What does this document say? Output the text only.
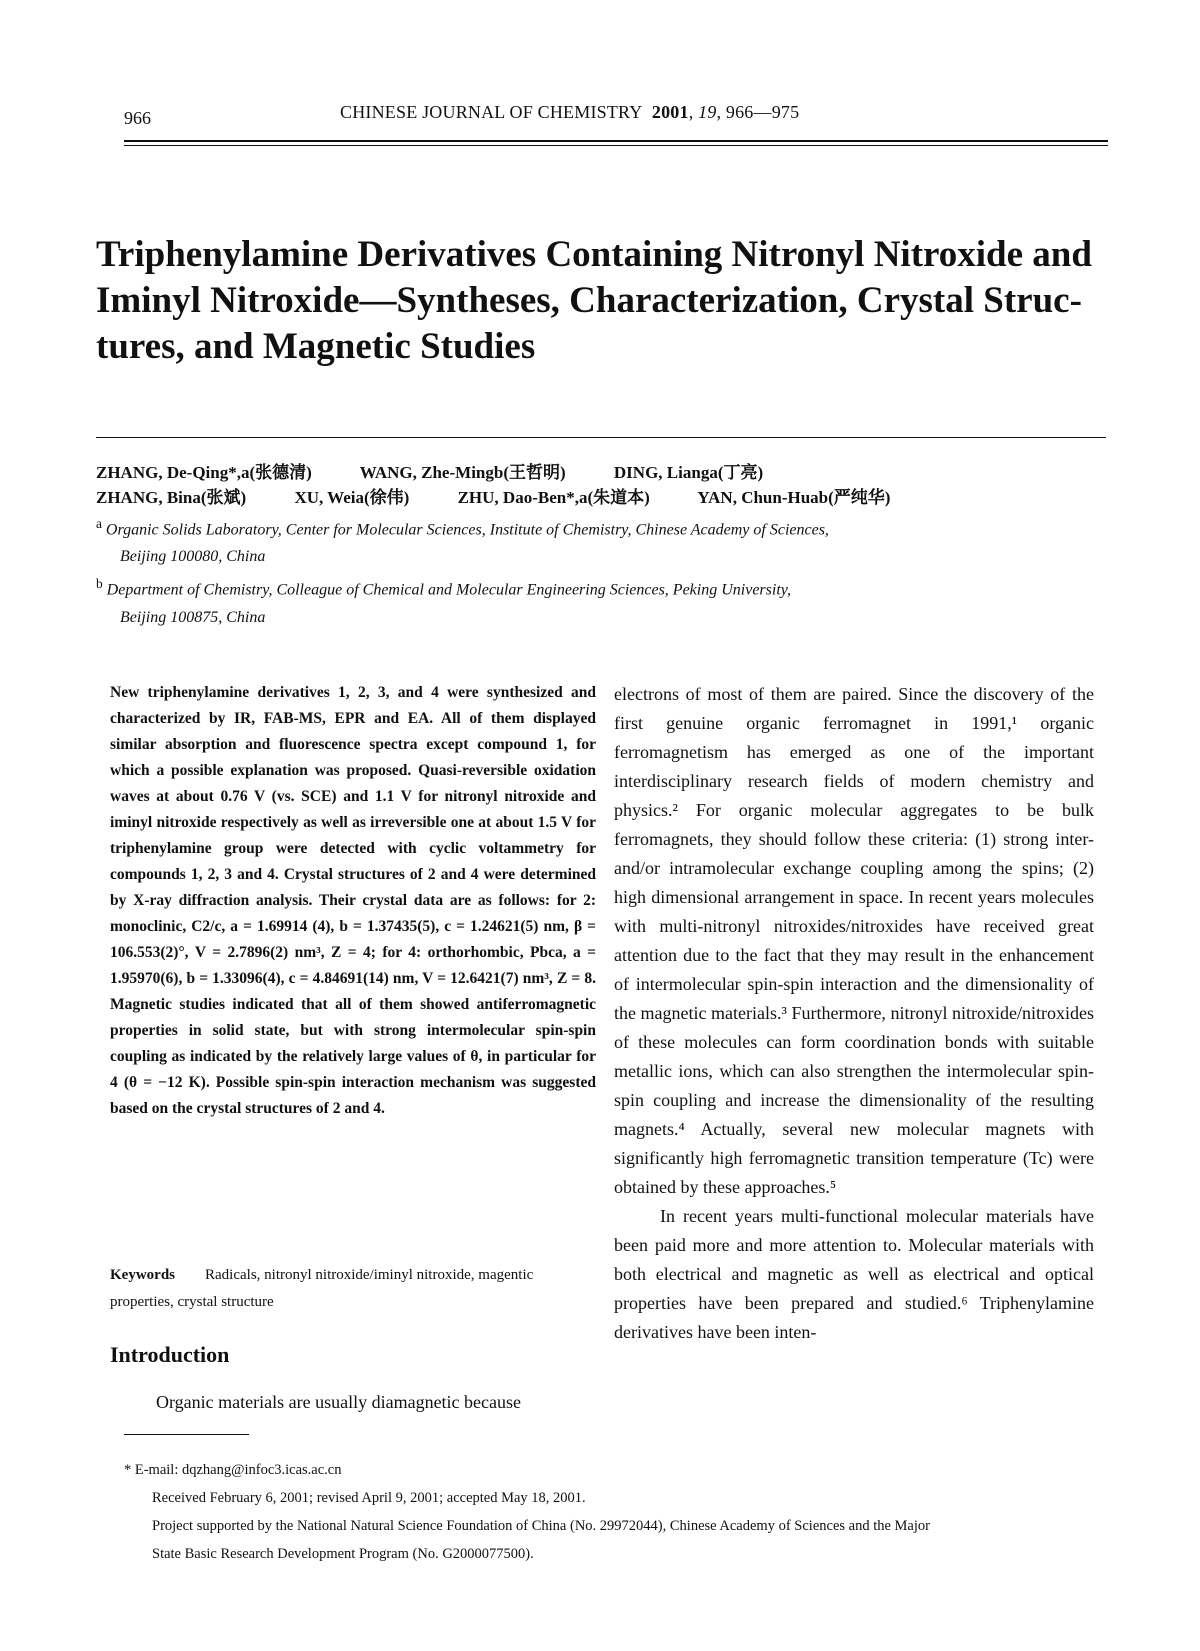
966	CHINESE JOURNAL OF CHEMISTRY 2001, 19, 966—975
Triphenylamine Derivatives Containing Nitronyl Nitroxide and
Iminyl Nitroxide—Syntheses, Characterization, Crystal Struc-
tures, and Magnetic Studies
ZHANG, De-Qing*,a(张德清)	WANG, Zhe-Mingb(王哲明)	DING, Lianga(丁亮)
ZHANG, Bina(张斌)	XU, Weia(徐伟)	ZHU, Dao-Ben*,a(朱道本)	YAN, Chun-Huab(严纯华)
$^a$ Organic Solids Laboratory, Center for Molecular Sciences, Institute of Chemistry, Chinese Academy of Sciences,
Beijing 100080, China
$^b$ Department of Chemistry, Colleague of Chemical and Molecular Engineering Sciences, Peking University,
Beijing 100875, China
New triphenylamine derivatives 1, 2, 3, and 4 were synthesized and characterized by IR, FAB-MS, EPR and EA. All of them displayed similar absorption and fluorescence spectra except compound 1, for which a possible explanation was proposed. Quasi-reversible oxidation waves at about 0.76 V (vs. SCE) and 1.1 V for nitronyl nitroxide and iminyl nitroxide respectively as well as irreversible one at about 1.5 V for triphenylamine group were detected with cyclic voltammetry for compounds 1, 2, 3 and 4. Crystal structures of 2 and 4 were determined by X-ray diffraction analysis. Their crystal data are as follows: for 2: monoclinic, C2/c, a = 1.69914 (4), b = 1.37435(5), c = 1.24621(5) nm, β = 106.553(2)°, V = 2.7896(2) nm³, Z = 4; for 4: orthorhombic, Pbca, a = 1.95970(6), b = 1.33096(4), c = 4.84691(14) nm, V = 12.6421(7) nm³, Z = 8. Magnetic studies indicated that all of them showed antiferromagnetic properties in solid state, but with strong intermolecular spin-spin coupling as indicated by the relatively large values of θ, in particular for 4 (θ = −12 K). Possible spin-spin interaction mechanism was suggested based on the crystal structures of 2 and 4.
Keywords Radicals, nitronyl nitroxide/iminyl nitroxide, magentic properties, crystal structure
Introduction
Organic materials are usually diamagnetic because

electrons of most of them are paired. Since the discovery of the first genuine organic ferromagnet in 1991,¹ organic ferromagnetism has emerged as one of the important interdisciplinary research fields of modern chemistry and physics.² For organic molecular aggregates to be bulk ferromagnets, they should follow these criteria: (1) strong inter- and/or intramolecular exchange coupling among the spins; (2) high dimensional arrangement in space. In recent years molecules with multi-nitronyl nitroxides/nitroxides have received great attention due to the fact that they may result in the enhancement of intermolecular spin-spin interaction and the dimensionality of the magnetic materials.³ Furthermore, nitronyl nitroxide/nitroxides of these molecules can form coordination bonds with suitable metallic ions, which can also strengthen the intermolecular spin-spin coupling and increase the dimensionality of the resulting magnets.⁴ Actually, several new molecular magnets with significantly high ferromagnetic transition temperature (Tc) were obtained by these approaches.⁵

In recent years multi-functional molecular materials have been paid more and more attention to. Molecular materials with both electrical and magnetic as well as electrical and optical properties have been prepared and studied.⁶ Triphenylamine derivatives have been inten-

* E-mail: dqzhang@infoc3.icas.ac.cn
Received February 6, 2001; revised April 9, 2001; accepted May 18, 2001.
Project supported by the National Natural Science Foundation of China (No. 29972044), Chinese Academy of Sciences and the Major
State Basic Research Development Program (No. G2000077500).
